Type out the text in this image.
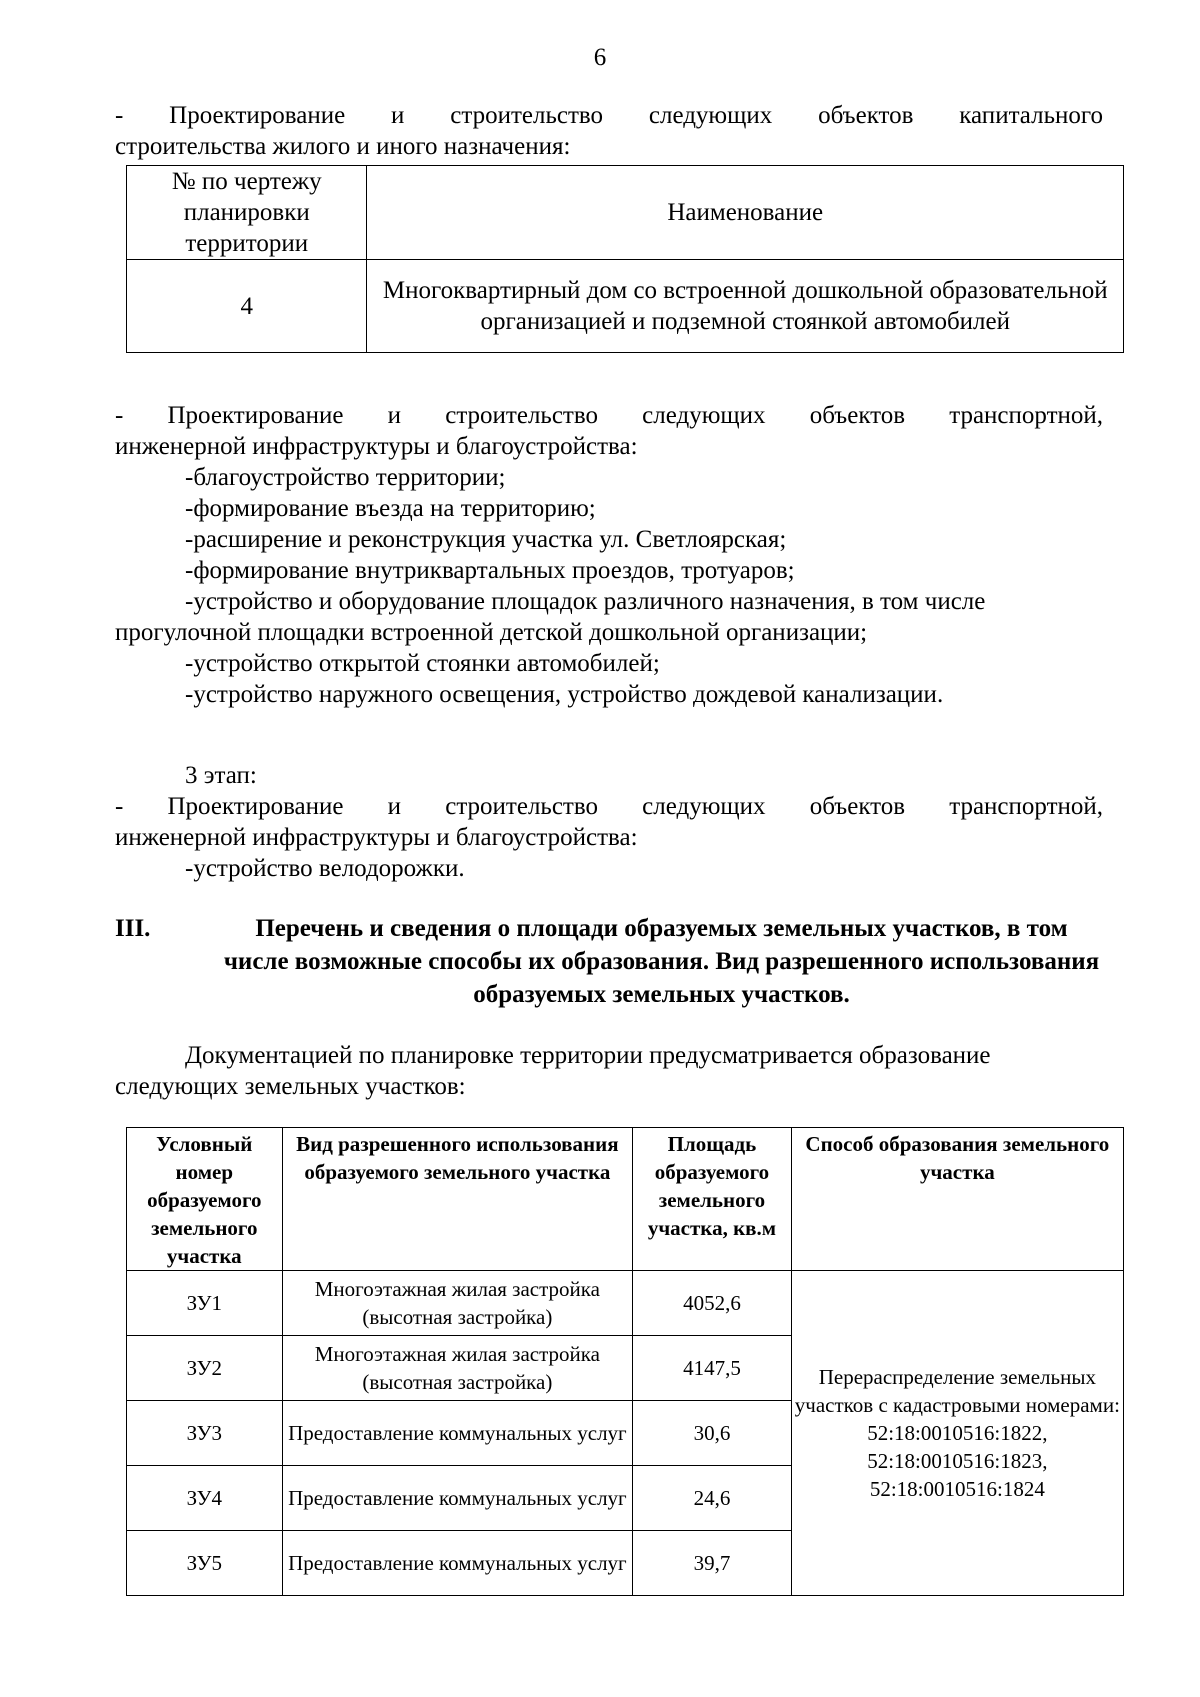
6
- Проектирование и строительство следующих объектов капитального
строительства жилого и иного назначения:
№ по чертежу планировки территории	Наименование
4	Многоквартирный дом со встроенной дошкольной образовательной организацией и подземной стоянкой автомобилей
- Проектирование и строительство следующих объектов транспортной,
инженерной инфраструктуры и благоустройства:
-благоустройство территории;
-формирование въезда на территорию;
-расширение и реконструкция участка ул. Светлоярская;
-формирование внутриквартальных проездов, тротуаров;
-устройство и оборудование площадок различного назначения, в том числе
прогулочной площадки встроенной детской дошкольной организации;
-устройство открытой стоянки автомобилей;
-устройство наружного освещения, устройство дождевой канализации.
3 этап:
- Проектирование и строительство следующих объектов транспортной,
инженерной инфраструктуры и благоустройства:
-устройство велодорожки.
III.	Перечень и сведения о площади образуемых земельных участков, в том числе возможные способы их образования. Вид разрешенного использования образуемых земельных участков.
Документацией по планировке территории предусматривается образование
следующих земельных участков:
Условный номер образуемого земельного участка	Вид разрешенного использования образуемого земельного участка	Площадь образуемого земельного участка, кв.м	Способ образования земельного участка
ЗУ1	Многоэтажная жилая застройка (высотная застройка)	4052,6	Перераспределение земельных участков с кадастровыми номерами: 52:18:0010516:1822, 52:18:0010516:1823, 52:18:0010516:1824
ЗУ2	Многоэтажная жилая застройка (высотная застройка)	4147,5	
ЗУ3	Предоставление коммунальных услуг	30,6	
ЗУ4	Предоставление коммунальных услуг	24,6	
ЗУ5	Предоставление коммунальных услуг	39,7	
